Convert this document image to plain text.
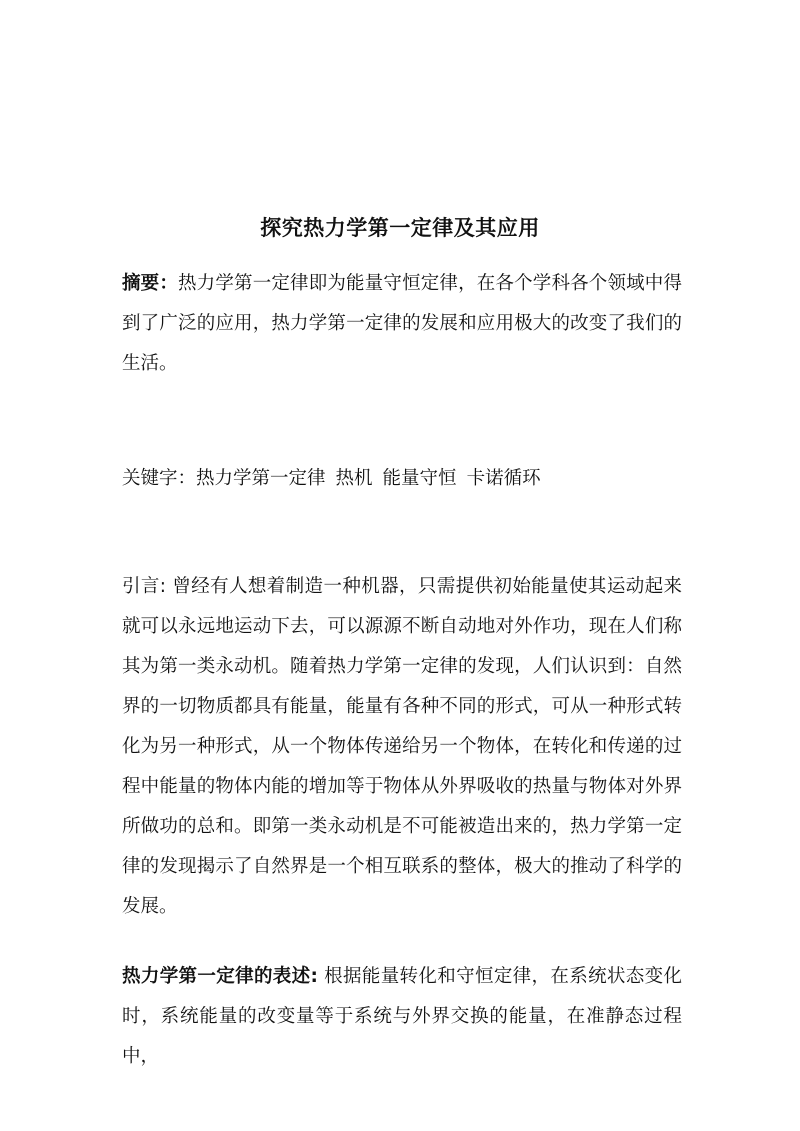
探究热力学第一定律及其应用
摘要：热力学第一定律即为能量守恒定律，在各个学科各个领域中得到了广泛的应用，热力学第一定律的发展和应用极大的改变了我们的生活。
关键字：热力学第一定律 热机 能量守恒 卡诺循环
引言: 曾经有人想着制造一种机器，只需提供初始能量使其运动起来就可以永远地运动下去，可以源源不断自动地对外作功，现在人们称其为第一类永动机。随着热力学第一定律的发现，人们认识到：自然界的一切物质都具有能量，能量有各种不同的形式，可从一种形式转化为另一种形式，从一个物体传递给另一个物体，在转化和传递的过程中能量的物体内能的增加等于物体从外界吸收的热量与物体对外界所做功的总和。即第一类永动机是不可能被造出来的，热力学第一定律的发现揭示了自然界是一个相互联系的整体，极大的推动了科学的发展。
热力学第一定律的表述: 根据能量转化和守恒定律，在系统状态变化时，系统能量的改变量等于系统与外界交换的能量，在准静态过程中，
